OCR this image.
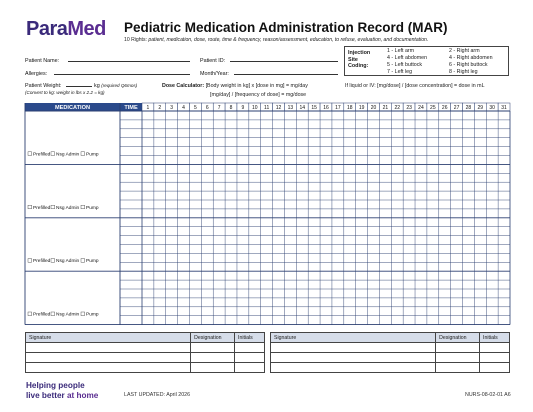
ParaMed Pediatric Medication Administration Record (MAR)
10 Rights: patient, medication, dose, route, time & frequency, reason/assessment, education, to refuse, evaluation, and documentation.
Patient Name:	Patient ID:
Allergies:	Month/Year:
Patient Weight:	kg (required Q6mos)
(Convert to kg: weight in lbs x 2.2 = kg)
Injection
Site
Coding:
1 - Left arm	2 - Right arm
4 - Left abdomen	4 - Right abdomen
5 - Left buttock	6 - Right buttock
7 - Left leg	8 - Right leg
Dose Calculator: [Body weight in kg] x [dose in mg] = mg/day
[mg/day] / [frequency of dose] = mg/dose
If liquid or IV: [mg/dose] / [dose concentration] = dose in mL
MEDICATION	TIME 1 2 3 4 5 6 7 8 9 10 11 12 13 14 15 16 17 18 19 20 21 22 23 24 25 26 27 28 29 30 31
Prefilled Nsg Admin Pump
Prefilled Nsg Admin Pump
Prefilled Nsg Admin Pump
Prefilled Nsg Admin Pump
Signature	Designation	Initials

			Signature	Designation	Initials

Helping people
live better at home	LAST UPDATED: April 2026	NURS-08-02-01 A6
